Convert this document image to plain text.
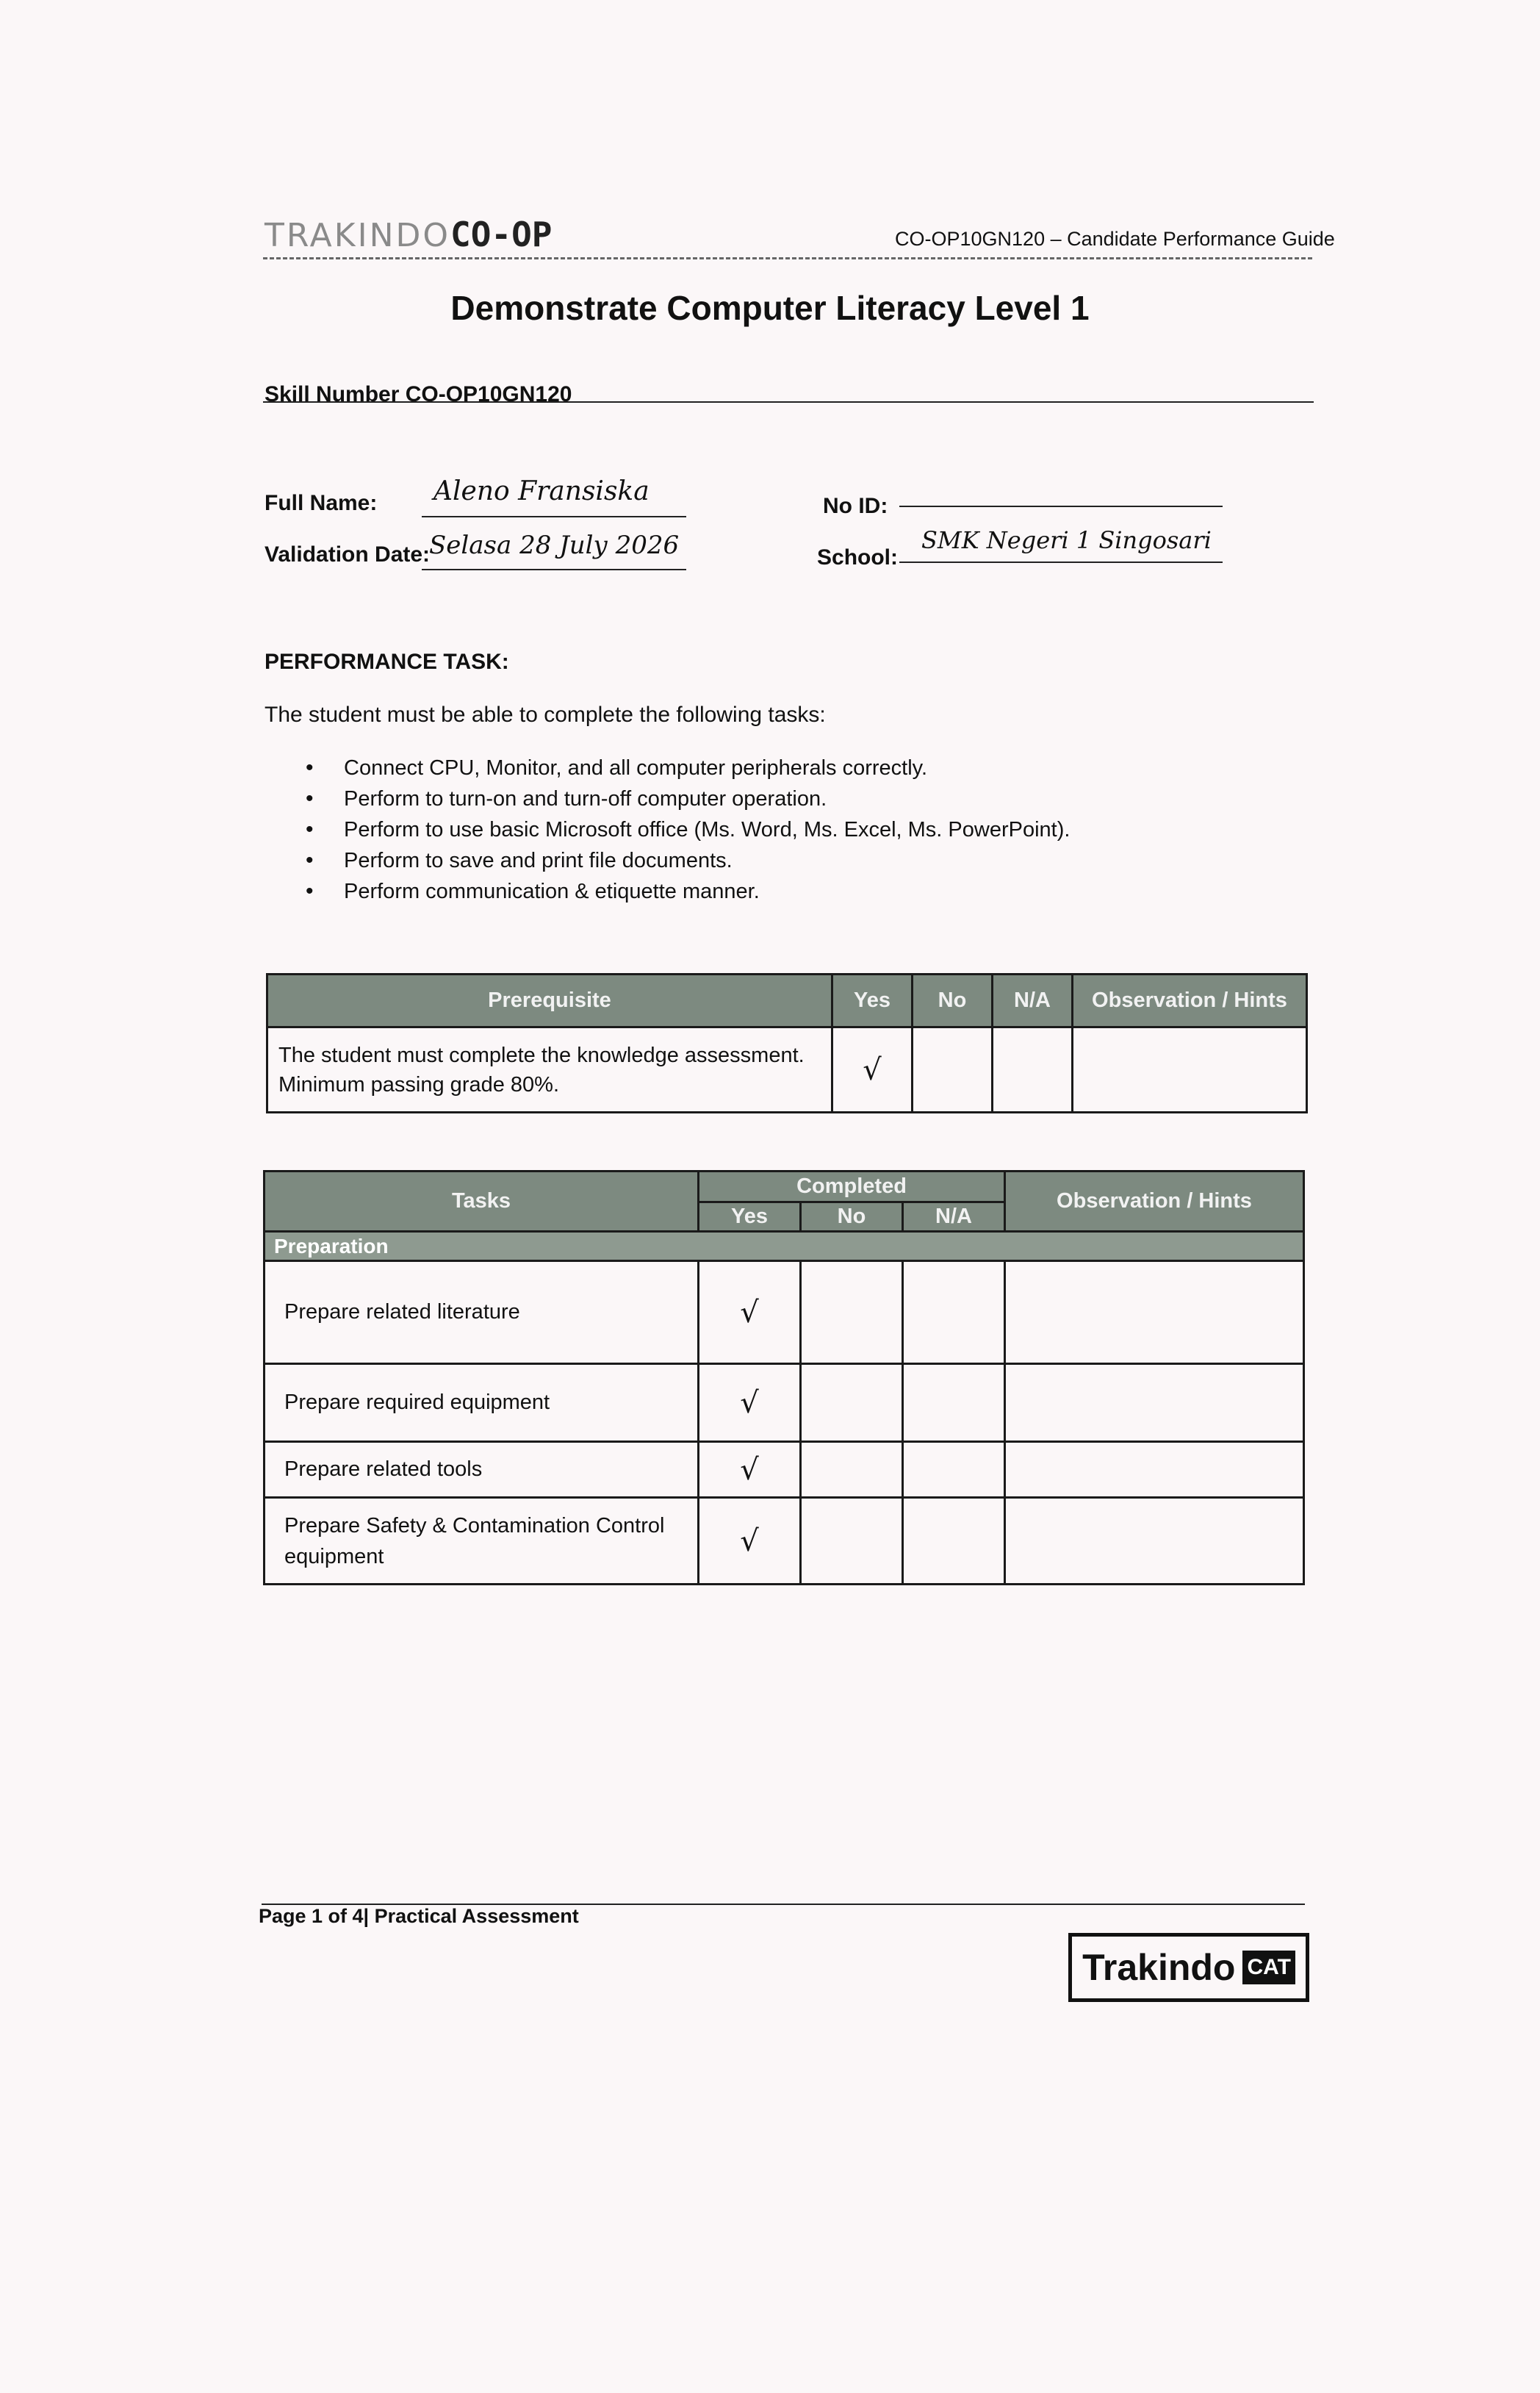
TRAKINDOCO-OP	CO-OP10GN120 – Candidate Performance Guide
Demonstrate Computer Literacy Level 1
Skill Number CO-OP10GN120
Full Name: Aleno Fransiska
Validation Date:
Selasa 28 July 2026
No ID:
School:
SMK Negeri 1 Singosari
PERFORMANCE TASK:
The student must be able to complete the following tasks:
• Connect CPU, Monitor, and all computer peripherals correctly.
• Perform to turn-on and turn-off computer operation.
• Perform to use basic Microsoft office (Ms. Word, Ms. Excel, Ms. PowerPoint).
• Perform to save and print file documents.
• Perform communication & etiquette manner.
Prerequisite	Yes	No	N/A	Observation / Hints

The student must complete the knowledge assessment.
Minimum passing grade 80%.	√			
Tasks	Completed			Observation / Hints
	Yes	No	N/A	
Preparation				
Prepare related literature	√			
Prepare required equipment	√			
Prepare related tools	√			

Prepare Safety & Contamination Control
equipment	√			
Page 1 of 4| Practical Assessment
Trakindo CAT
